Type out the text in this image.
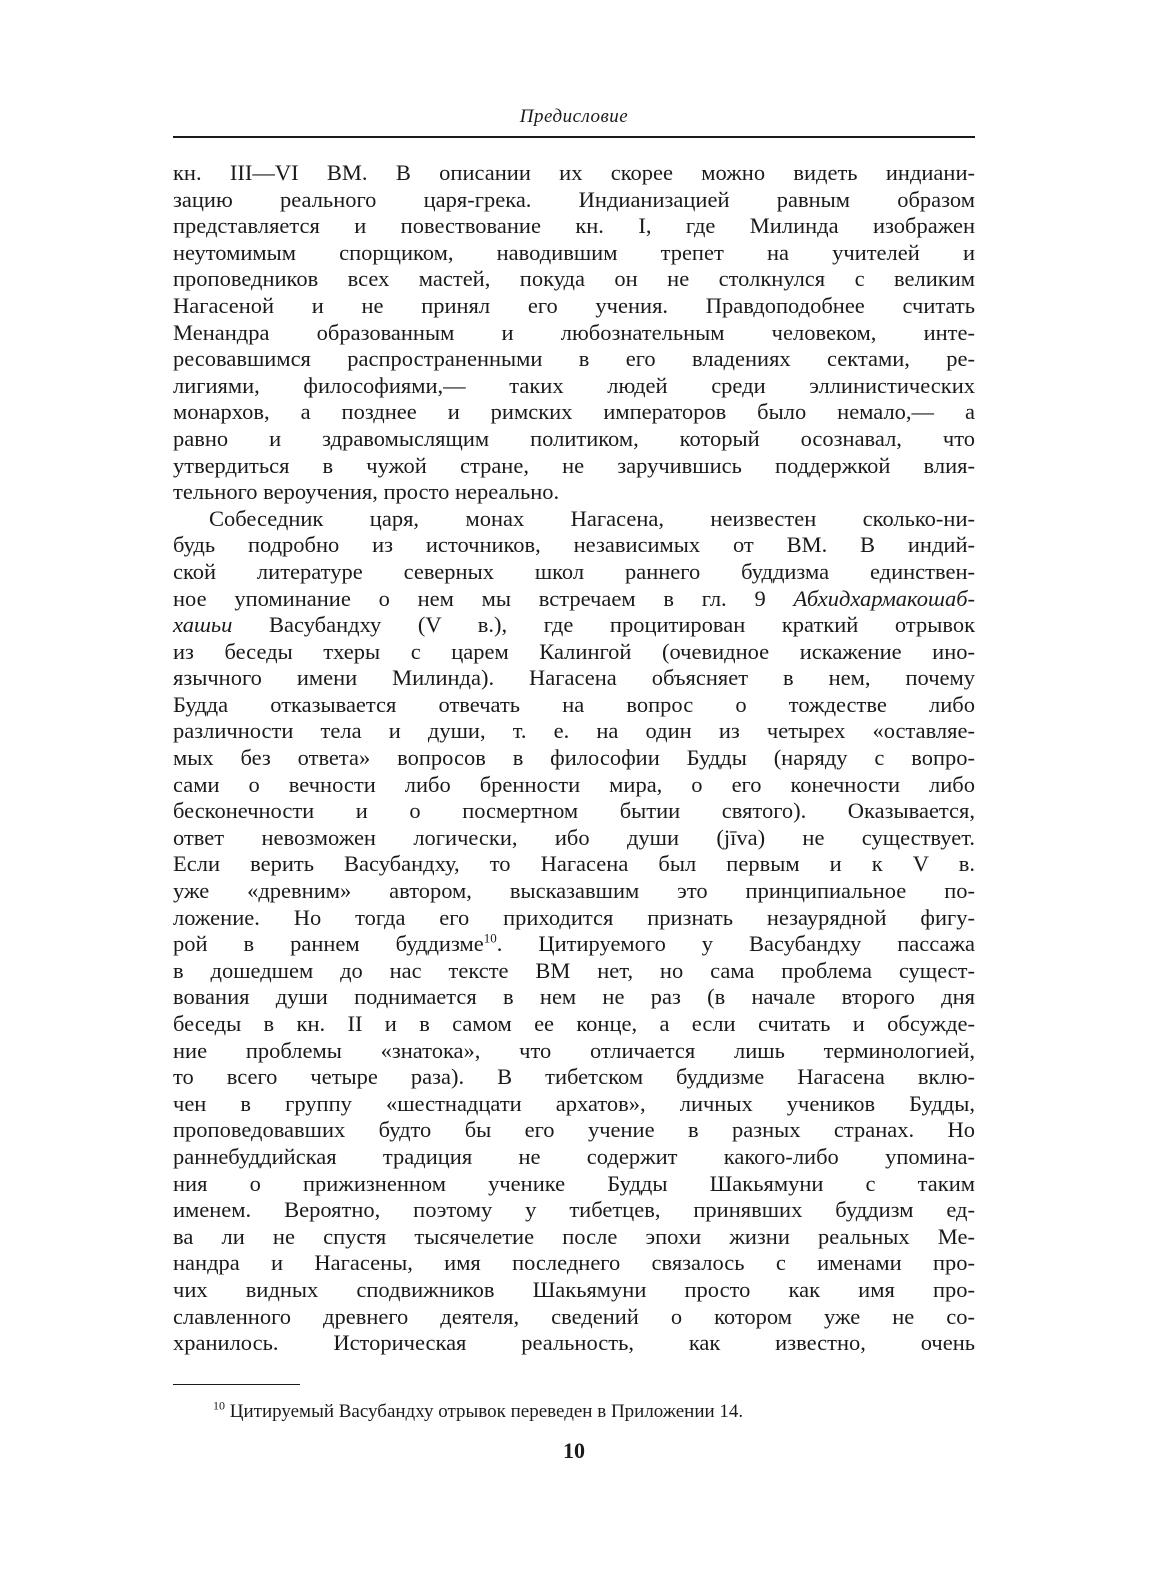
Предисловие
кн. III—VI ВМ. В описании их скорее можно видеть индиани-
зацию реального царя-грека. Индианизацией равным образом
представляется и повествование кн. I, где Милинда изображен
неутомимым спорщиком, наводившим трепет на учителей и
проповедников всех мастей, покуда он не столкнулся с великим
Нагасеной и не принял его учения. Правдоподобнее считать
Менандра образованным и любознательным человеком, инте-
ресовавшимся распространенными в его владениях сектами, ре-
лигиями, философиями,— таких людей среди эллинистических
монархов, а позднее и римских императоров было немало,— а
равно и здравомыслящим политиком, который осознавал, что
утвердиться в чужой стране, не заручившись поддержкой влия-
тельного вероучения, просто нереально.
Собеседник царя, монах Нагасена, неизвестен сколько-ни-
будь подробно из источников, независимых от ВМ. В индий-
ской литературе северных школ раннего буддизма единствен-
ное упоминание о нем мы встречаем в гл. 9 Абхидхармакошаб-
хашьи Васубандху (V в.), где процитирован краткий отрывок
из беседы тхеры с царем Калингой (очевидное искажение ино-
язычного имени Милинда). Нагасена объясняет в нем, почему
Будда отказывается отвечать на вопрос о тождестве либо
различности тела и души, т. е. на один из четырех «оставляе-
мых без ответа» вопросов в философии Будды (наряду с вопро-
сами о вечности либо бренности мира, о его конечности либо
бесконечности и о посмертном бытии святого). Оказывается,
ответ невозможен логически, ибо души (jīva) не существует.
Если верить Васубандху, то Нагасена был первым и к V в.
уже «древним» автором, высказавшим это принципиальное по-
ложение. Но тогда его приходится признать незаурядной фигу-
рой в раннем буддизме$^{10}$. Цитируемого у Васубандху пассажа
в дошедшем до нас тексте ВМ нет, но сама проблема сущест-
вования души поднимается в нем не раз (в начале второго дня
беседы в кн. II и в самом ее конце, а если считать и обсужде-
ние проблемы «знатока», что отличается лишь терминологией,
то всего четыре раза). В тибетском буддизме Нагасена вклю-
чен в группу «шестнадцати архатов», личных учеников Будды,
проповедовавших будто бы его учение в разных странах. Но
раннебуддийская традиция не содержит какого-либо упомина-
ния о прижизненном ученике Будды Шакьямуни с таким
именем. Вероятно, поэтому у тибетцев, принявших буддизм ед-
ва ли не спустя тысячелетие после эпохи жизни реальных Ме-
нандра и Нагасены, имя последнего связалось с именами про-
чих видных сподвижников Шакьямуни просто как имя про-
славленного древнего деятеля, сведений о котором уже не со-
хранилось. Историческая реальность, как известно, очень
$^{10}$ Цитируемый Васубандху отрывок переведен в Приложении 14.
10
